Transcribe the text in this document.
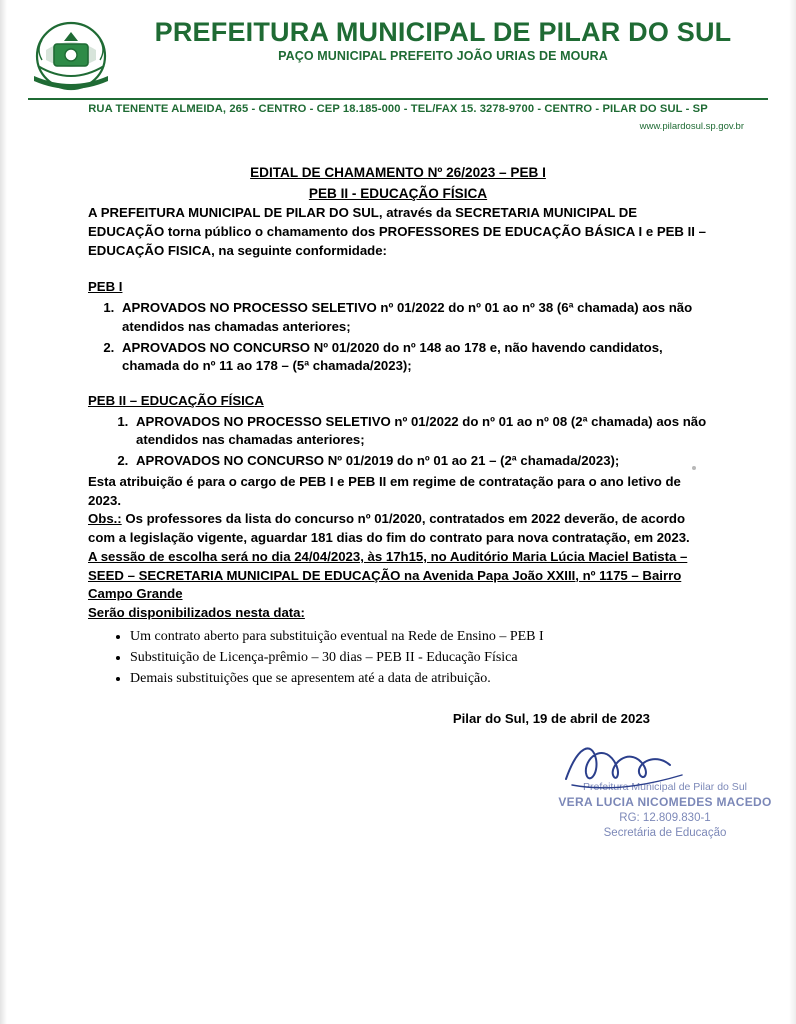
PILAR DO SUL
PREFEITURA MUNICIPAL DE PILAR DO SUL
PAÇO MUNICIPAL PREFEITO JOÃO URIAS DE MOURA
RUA TENENTE ALMEIDA, 265 - CENTRO - CEP 18.185-000 - TEL/FAX 15. 3278-9700 - CENTRO - PILAR DO SUL - SP
www.pilardosul.sp.gov.br
EDITAL DE CHAMAMENTO Nº 26/2023 – PEB I
PEB II - EDUCAÇÃO FÍSICA

A PREFEITURA MUNICIPAL DE PILAR DO SUL, através da SECRETARIA MUNICIPAL DE EDUCAÇÃO torna público o chamamento dos PROFESSORES DE EDUCAÇÃO BÁSICA I e PEB II – EDUCAÇÃO FISICA, na seguinte conformidade:

PEB I
1. APROVADOS NO PROCESSO SELETIVO nº 01/2022 do nº 01 ao nº 38 (6ª chamada) aos não atendidos nas chamadas anteriores;
2. APROVADOS NO CONCURSO Nº 01/2020 do nº 148 ao 178 e, não havendo candidatos, chamada do nº 11 ao 178 – (5ª chamada/2023);
PEB II – EDUCAÇÃO FÍSICA
1. APROVADOS NO PROCESSO SELETIVO nº 01/2022 do nº 01 ao nº 08 (2ª chamada) aos não atendidos nas chamadas anteriores;
2. APROVADOS NO CONCURSO Nº 01/2019 do nº 01 ao 21 – (2ª chamada/2023);

Esta atribuição é para o cargo de PEB I e PEB II em regime de contratação para o ano letivo de 2023.

Obs.: Os professores da lista do concurso nº 01/2020, contratados em 2022 deverão, de acordo com a legislação vigente, aguardar 181 dias do fim do contrato para nova contratação, em 2023.

A sessão de escolha será no dia 24/04/2023, às 17h15, no Auditório Maria Lúcia Maciel Batista – SEED – SECRETARIA MUNICIPAL DE EDUCAÇÃO na Avenida Papa João XXIII, nº 1175 – Bairro Campo Grande

Serão disponibilizados nesta data:

• Um contrato aberto para substituição eventual na Rede de Ensino – PEB I
• Substituição de Licença-prêmio – 30 dias – PEB II - Educação Física
• Demais substituições que se apresentem até a data de atribuição.
Pilar do Sul, 19 de abril de 2023
Prefeitura Municipal de Pilar do Sul
VERA LUCIA NICOMEDES MACEDO
RG: 12.809.830-1
Secretária de Educação
